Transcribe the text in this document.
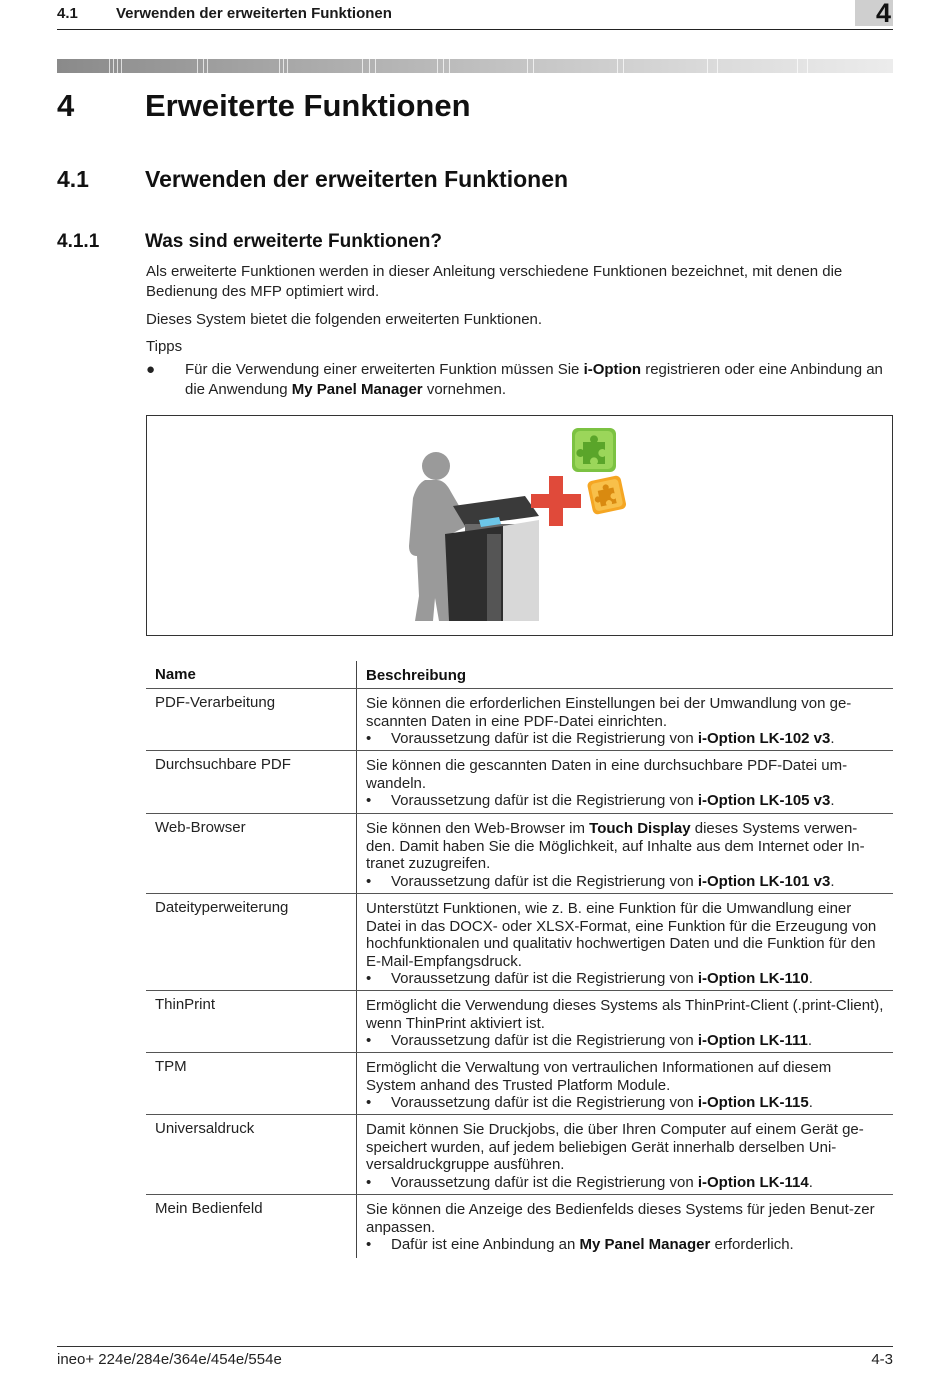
4.1	Verwenden der erweiterten Funktionen	4
4 Erweiterte Funktionen
4.1 Verwenden der erweiterten Funktionen
4.1.1 Was sind erweiterte Funktionen?

Als erweiterte Funktionen werden in dieser Anleitung verschiedene Funktionen bezeichnet, mit denen die Bedienung des MFP optimiert wird.

Dieses System bietet die folgenden erweiterten Funktionen.

Tipps
● Für die Verwendung einer erweiterten Funktion müssen Sie i-Option registrieren oder eine Anbindung an die Anwendung My Panel Manager vornehmen.
Name	Beschreibung
PDF-Verarbeitung	Sie können die erforderlichen Einstellungen bei der Umwandlung von ge-scannten Daten in eine PDF-Datei einrichten.
• Voraussetzung dafür ist die Registrierung von i-Option LK-102 v3.
Durchsuchbare PDF	Sie können die gescannten Daten in eine durchsuchbare PDF-Datei um-wandeln.
• Voraussetzung dafür ist die Registrierung von i-Option LK-105 v3.
Web-Browser	Sie können den Web-Browser im Touch Display dieses Systems verwen-den. Damit haben Sie die Möglichkeit, auf Inhalte aus dem Internet oder In-tranet zuzugreifen.
• Voraussetzung dafür ist die Registrierung von i-Option LK-101 v3.
Dateityperweiterung	Unterstützt Funktionen, wie z. B. eine Funktion für die Umwandlung einer Datei in das DOCX- oder XLSX-Format, eine Funktion für die Erzeugung von hochfunktionalen und qualitativ hochwertigen Daten und die Funktion für den E-Mail-Empfangsdruck.
• Voraussetzung dafür ist die Registrierung von i-Option LK-110.
ThinPrint	Ermöglicht die Verwendung dieses Systems als ThinPrint-Client (.print-Client), wenn ThinPrint aktiviert ist.
• Voraussetzung dafür ist die Registrierung von i-Option LK-111.
TPM	Ermöglicht die Verwaltung von vertraulichen Informationen auf diesem System anhand des Trusted Platform Module.
• Voraussetzung dafür ist die Registrierung von i-Option LK-115.
Universaldruck	Damit können Sie Druckjobs, die über Ihren Computer auf einem Gerät ge-speichert wurden, auf jedem beliebigen Gerät innerhalb derselben Uni-versaldruckgruppe ausführen.
• Voraussetzung dafür ist die Registrierung von i-Option LK-114.
Mein Bedienfeld	Sie können die Anzeige des Bedienfelds dieses Systems für jeden Benut-zer anpassen.
• Dafür ist eine Anbindung an My Panel Manager erforderlich.
ineo+ 224e/284e/364e/454e/554e	4-3
